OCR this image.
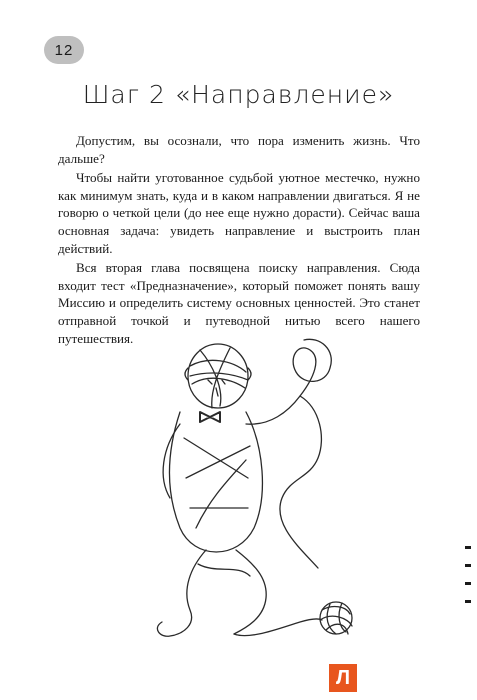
12
Шаг 2 «Направление»

Допустим, вы осознали, что пора изменить жизнь. Что дальше?

Чтобы найти уготованное судьбой уютное местечко, нужно как минимум знать, куда и в каком направлении двигаться. Я не говорю о четкой цели (до нее еще нужно дорасти). Сейчас ваша основная задача: увидеть направление и выстроить план действий.

Вся вторая глава посвящена поиску направления. Сюда входит тест «Предназначение», который поможет понять вашу Миссию и определить систему основных ценностей. Это станет отправной точкой и путеводной нитью всего нашего путешествия.

Л
